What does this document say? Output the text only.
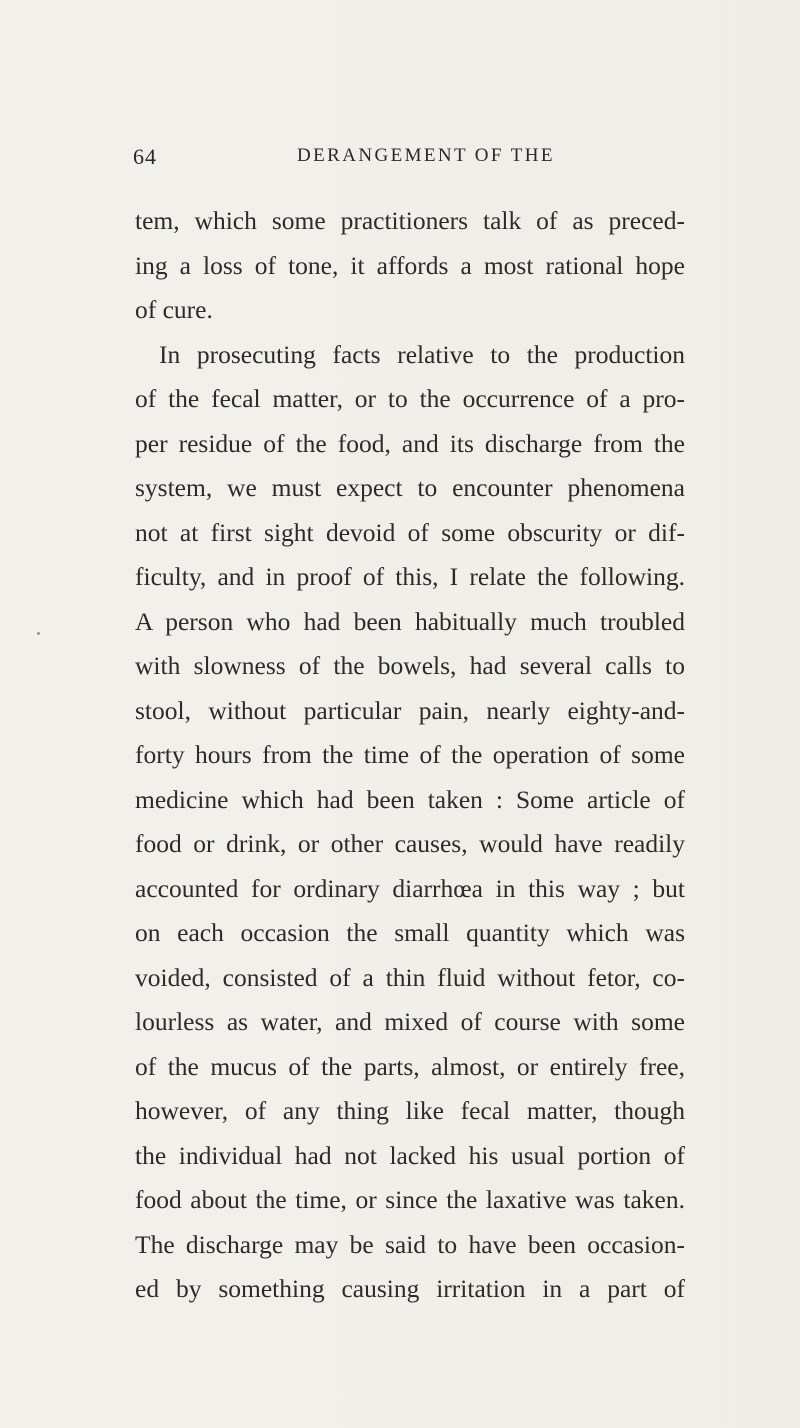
64	DERANGEMENT OF THE
tem, which some practitioners talk of as preced-
ing a loss of tone, it affords a most rational hope
of cure.
In prosecuting facts relative to the production
of the fecal matter, or to the occurrence of a pro-
per residue of the food, and its discharge from the
system, we must expect to encounter phenomena
not at first sight devoid of some obscurity or dif-
ficulty, and in proof of this, I relate the following.
A person who had been habitually much troubled
with slowness of the bowels, had several calls to
stool, without particular pain, nearly eighty-and-
forty hours from the time of the operation of some
medicine which had been taken : Some article of
food or drink, or other causes, would have readily
accounted for ordinary diarrhœa in this way ; but
on each occasion the small quantity which was
voided, consisted of a thin fluid without fetor, co-
lourless as water, and mixed of course with some
of the mucus of the parts, almost, or entirely free,
however, of any thing like fecal matter, though
the individual had not lacked his usual portion of
food about the time, or since the laxative was taken.
The discharge may be said to have been occasion-
ed by something causing irritation in a part of
